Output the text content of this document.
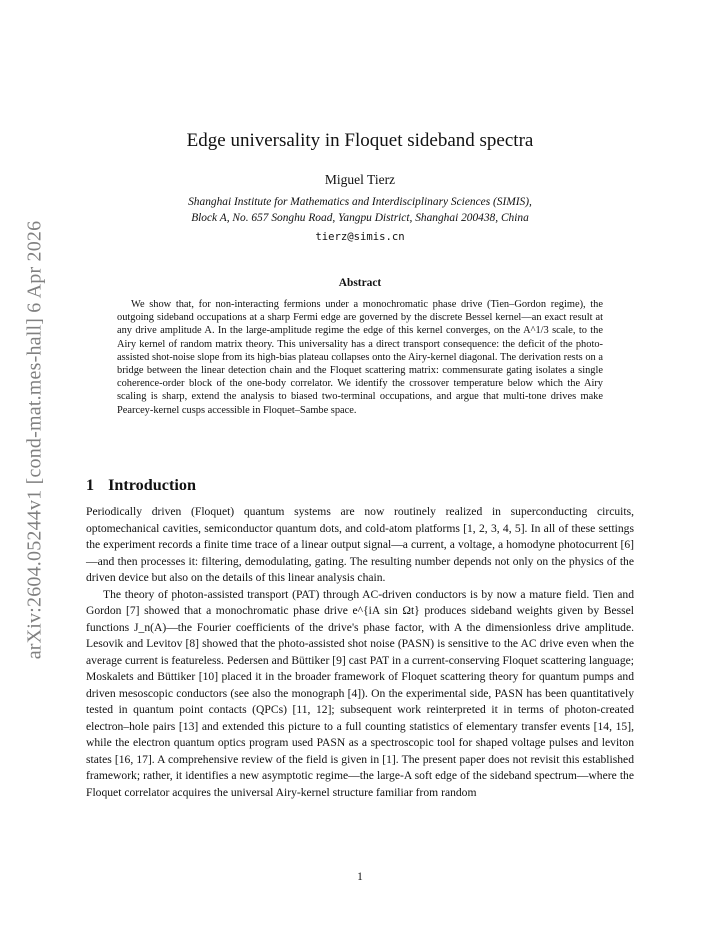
arXiv:2604.05244v1 [cond-mat.mes-hall] 6 Apr 2026
Edge universality in Floquet sideband spectra
Miguel Tierz
Shanghai Institute for Mathematics and Interdisciplinary Sciences (SIMIS),
Block A, No. 657 Songhu Road, Yangpu District, Shanghai 200438, China
tierz@simis.cn
Abstract
We show that, for non-interacting fermions under a monochromatic phase drive (Tien–Gordon regime), the outgoing sideband occupations at a sharp Fermi edge are governed by the discrete Bessel kernel—an exact result at any drive amplitude A. In the large-amplitude regime the edge of this kernel converges, on the A^1/3 scale, to the Airy kernel of random matrix theory. This universality has a direct transport consequence: the deficit of the photo-assisted shot-noise slope from its high-bias plateau collapses onto the Airy-kernel diagonal. The derivation rests on a bridge between the linear detection chain and the Floquet scattering matrix: commensurate gating isolates a single coherence-order block of the one-body correlator. We identify the crossover temperature below which the Airy scaling is sharp, extend the analysis to biased two-terminal occupations, and argue that multi-tone drives make Pearcey-kernel cusps accessible in Floquet–Sambe space.
1 Introduction

Periodically driven (Floquet) quantum systems are now routinely realized in superconducting circuits, optomechanical cavities, semiconductor quantum dots, and cold-atom platforms [1, 2, 3, 4, 5]. In all of these settings the experiment records a finite time trace of a linear output signal—a current, a voltage, a homodyne photocurrent [6]—and then processes it: filtering, demodulating, gating. The resulting number depends not only on the physics of the driven device but also on the details of this linear analysis chain.

The theory of photon-assisted transport (PAT) through AC-driven conductors is by now a mature field. Tien and Gordon [7] showed that a monochromatic phase drive e^{iA sin Ωt} produces sideband weights given by Bessel functions J_n(A)—the Fourier coefficients of the drive's phase factor, with A the dimensionless drive amplitude. Lesovik and Levitov [8] showed that the photo-assisted shot noise (PASN) is sensitive to the AC drive even when the average current is featureless. Pedersen and Büttiker [9] cast PAT in a current-conserving Floquet scattering language; Moskalets and Büttiker [10] placed it in the broader framework of Floquet scattering theory for quantum pumps and driven mesoscopic conductors (see also the monograph [4]). On the experimental side, PASN has been quantitatively tested in quantum point contacts (QPCs) [11, 12]; subsequent work reinterpreted it in terms of photon-created electron–hole pairs [13] and extended this picture to a full counting statistics of elementary transfer events [14, 15], while the electron quantum optics program used PASN as a spectroscopic tool for shaped voltage pulses and leviton states [16, 17]. A comprehensive review of the field is given in [1]. The present paper does not revisit this established framework; rather, it identifies a new asymptotic regime—the large-A soft edge of the sideband spectrum—where the Floquet correlator acquires the universal Airy-kernel structure familiar from random

1
